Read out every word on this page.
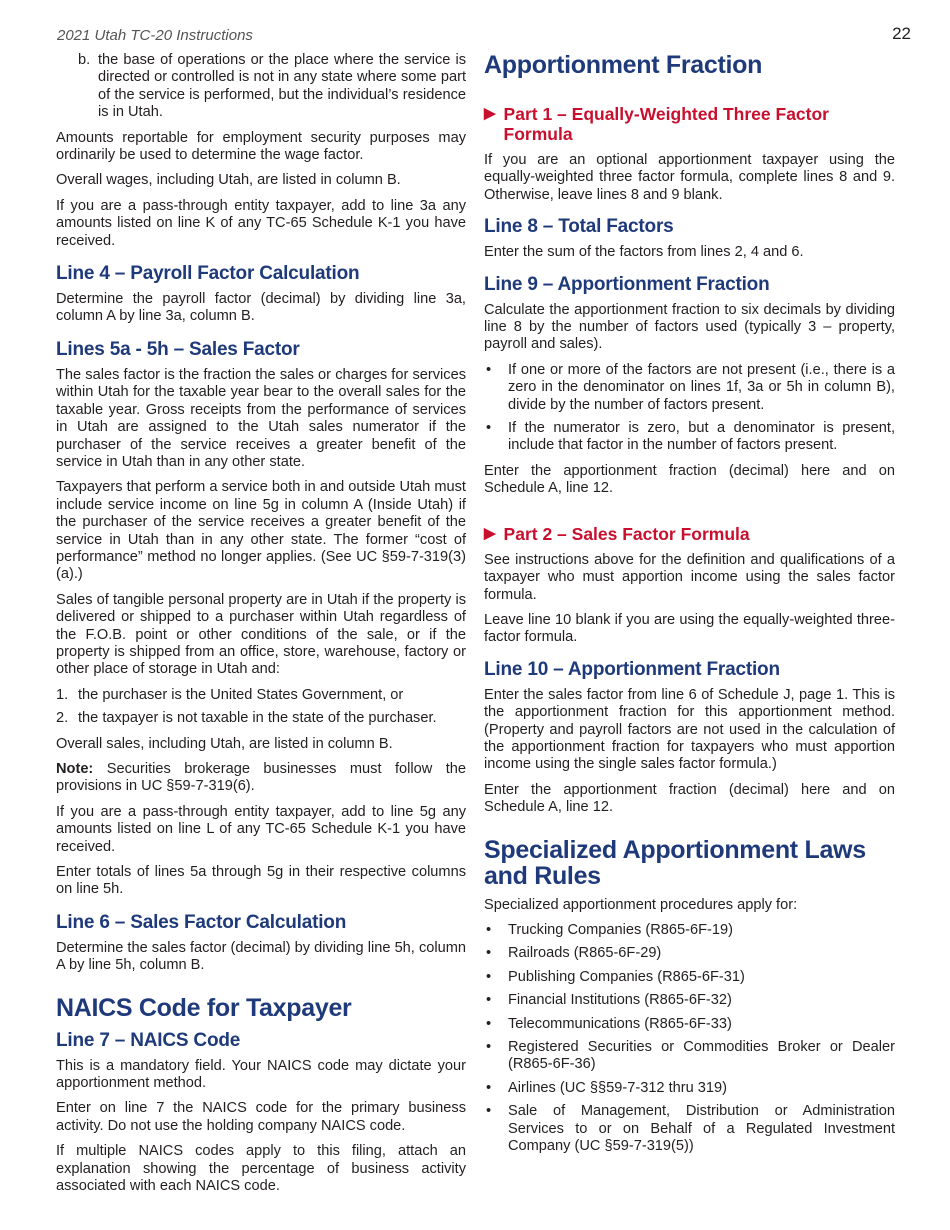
2021 Utah TC-20 Instructions	22
b. the base of operations or the place where the service is directed or controlled is not in any state where some part of the service is performed, but the individual’s residence is in Utah.

Amounts reportable for employment security purposes may ordinarily be used to determine the wage factor.

Overall wages, including Utah, are listed in column B.

If you are a pass-through entity taxpayer, add to line 3a any amounts listed on line K of any TC-65 Schedule K-1 you have received.

Line 4 – Payroll Factor Calculation

Determine the payroll factor (decimal) by dividing line 3a, column A by line 3a, column B.

Lines 5a - 5h – Sales Factor

The sales factor is the fraction the sales or charges for services within Utah for the taxable year bear to the overall sales for the taxable year. Gross receipts from the performance of services in Utah are assigned to the Utah sales numerator if the purchaser of the service receives a greater benefit of the service in Utah than in any other state.

Taxpayers that perform a service both in and outside Utah must include service income on line 5g in column A (Inside Utah) if the purchaser of the service receives a greater benefit of the service in Utah than in any other state. The former “cost of performance” method no longer applies. (See UC §59-7-319(3)(a).)

Sales of tangible personal property are in Utah if the property is delivered or shipped to a purchaser within Utah regardless of the F.O.B. point or other conditions of the sale, or if the property is shipped from an office, store, warehouse, factory or other place of storage in Utah and:

1. the purchaser is the United States Government, or
2. the taxpayer is not taxable in the state of the purchaser.

Overall sales, including Utah, are listed in column B.

Note: Securities brokerage businesses must follow the provisions in UC §59-7-319(6).

If you are a pass-through entity taxpayer, add to line 5g any amounts listed on line L of any TC-65 Schedule K-1 you have received.

Enter totals of lines 5a through 5g in their respective columns on line 5h.

Line 6 – Sales Factor Calculation

Determine the sales factor (decimal) by dividing line 5h, column A by line 5h, column B.

NAICS Code for Taxpayer
Line 7 – NAICS Code

This is a mandatory field. Your NAICS code may dictate your apportionment method.

Enter on line 7 the NAICS code for the primary business activity. Do not use the holding company NAICS code.

If multiple NAICS codes apply to this filing, attach an explanation showing the percentage of business activity associated with each NAICS code.

Apportionment Fraction
▶ Part 1 – Equally-Weighted Three Factor Formula

If you are an optional apportionment taxpayer using the equally-weighted three factor formula, complete lines 8 and 9. Otherwise, leave lines 8 and 9 blank.

Line 8 – Total Factors

Enter the sum of the factors from lines 2, 4 and 6.

Line 9 – Apportionment Fraction

Calculate the apportionment fraction to six decimals by dividing line 8 by the number of factors used (typically 3 – property, payroll and sales).

•	If one or more of the factors are not present (i.e., there is a zero in the denominator on lines 1f, 3a or 5h in column B), divide by the number of factors present.
•	If the numerator is zero, but a denominator is present, include that factor in the number of factors present.

Enter the apportionment fraction (decimal) here and on Schedule A, line 12.

▶ Part 2 – Sales Factor Formula

See instructions above for the definition and qualifications of a taxpayer who must apportion income using the sales factor formula.

Leave line 10 blank if you are using the equally-weighted three-factor formula.

Line 10 – Apportionment Fraction

Enter the sales factor from line 6 of Schedule J, page 1. This is the apportionment fraction for this apportionment method. (Property and payroll factors are not used in the calculation of the apportionment fraction for taxpayers who must apportion income using the single sales factor formula.)

Enter the apportionment fraction (decimal) here and on Schedule A, line 12.

Specialized Apportionment Laws and Rules

Specialized apportionment procedures apply for:

•	Trucking Companies (R865-6F-19)
•	Railroads (R865-6F-29)
•	Publishing Companies (R865-6F-31)
•	Financial Institutions (R865-6F-32)
•	Telecommunications (R865-6F-33)
•	Registered Securities or Commodities Broker or Dealer (R865-6F-36)
•	Airlines (UC §§59-7-312 thru 319)
•	Sale of Management, Distribution or Administration Services to or on Behalf of a Regulated Investment Company (UC §59-7-319(5))
